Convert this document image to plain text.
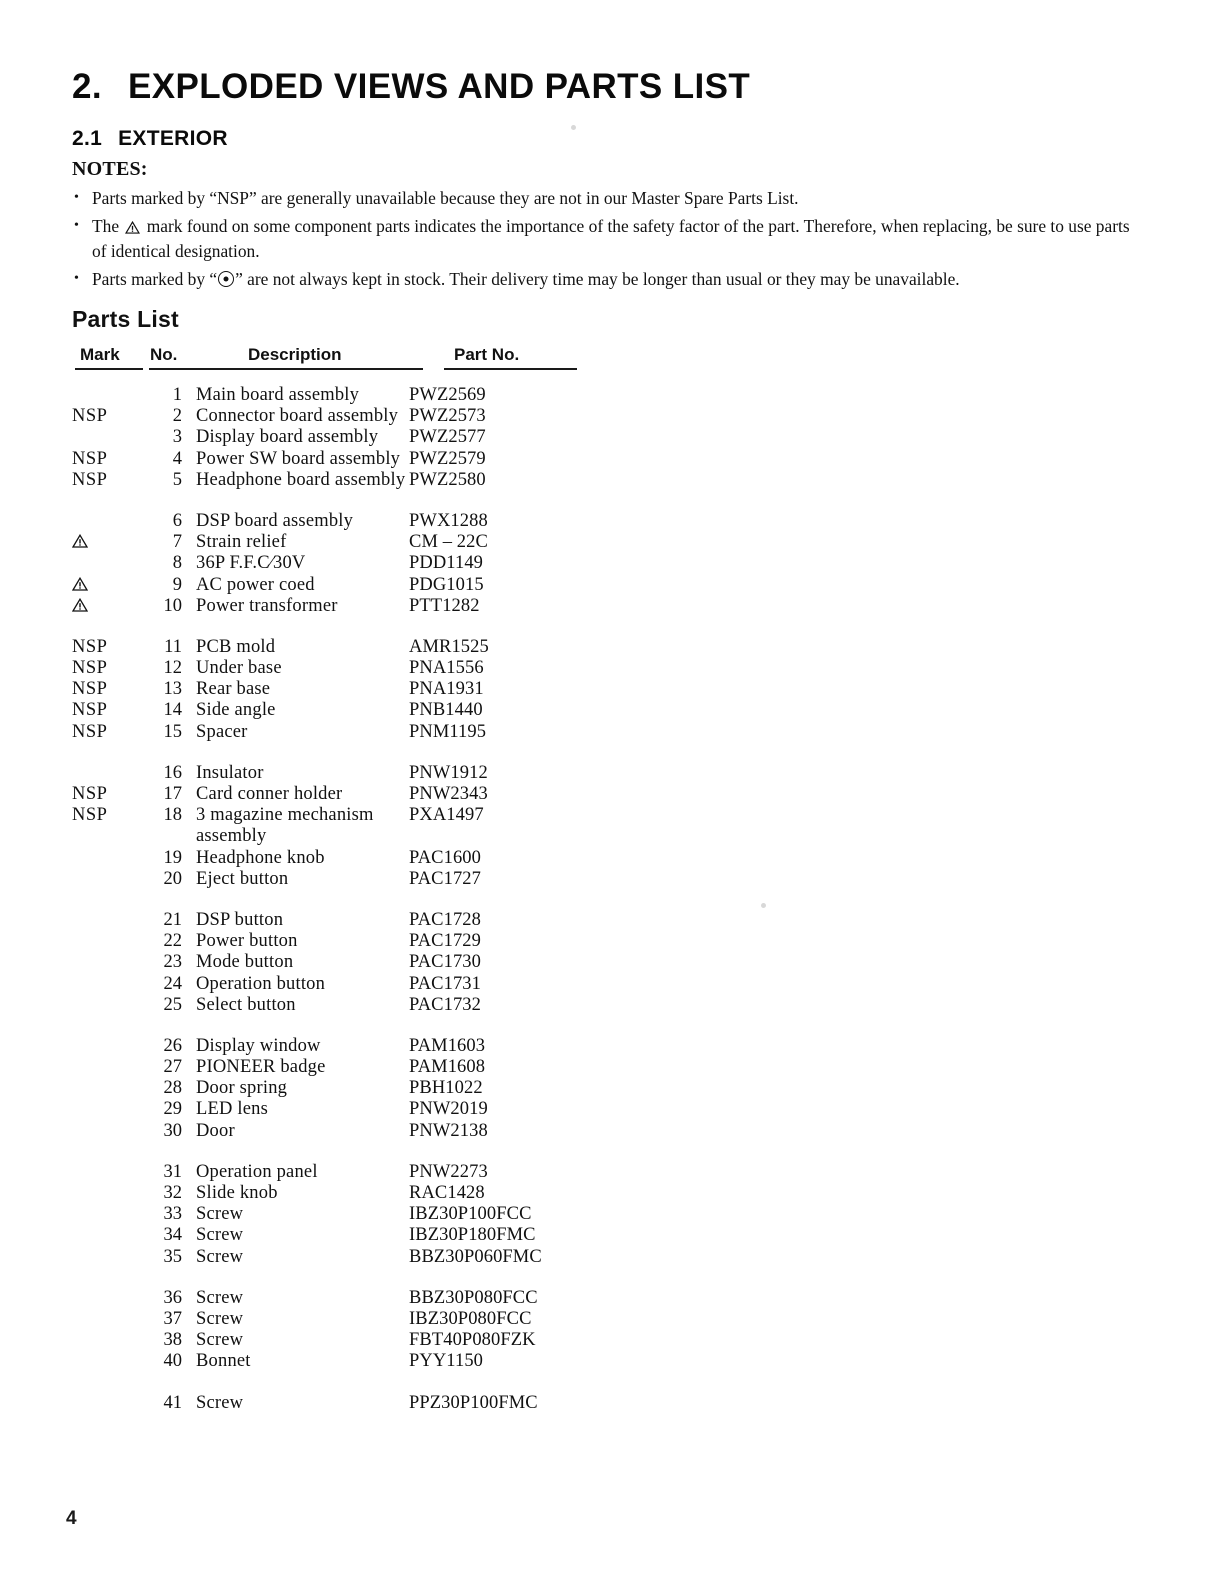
2. EXPLODED VIEWS AND PARTS LIST
2.1 EXTERIOR
NOTES:
• Parts marked by “NSP” are generally unavailable because they are not in our Master Spare Parts List.
• The
mark found on some component parts indicates the importance of the safety factor of the part. Therefore, when replacing, be sure to use parts of identical designation.
• Parts marked by “ ” are not always kept in stock. Their delivery time may be longer than usual or they may be unavailable.
Parts List
Mark No.	Description	Part No.
1 Main board assembly	PWZ2569
NSP	2 Connector board assembly PWZ2573
3 Display board assembly PWZ2577
NSP	4 Power SW board assembly PWZ2579
NSP	5 Headphone board assembly PWZ2580
6 DSP board assembly	PWX1288
7 Strain relief	CM – 22C
8 36P F.F.C⁄30V	PDD1149
9 AC power coed	PDG1015
10 Power transformer	PTT1282
NSP	11 PCB mold	AMR1525
NSP	12 Under base	PNA1556
NSP	13 Rear base	PNA1931
NSP	14 Side angle	PNB1440
NSP	15 Spacer	PNM1195
16 Insulator	PNW1912
NSP	17 Card conner holder	PNW2343
NSP	18 3 magazine mechanism PXA1497
assembly
19 Headphone knob	PAC1600
20 Eject button	PAC1727
21 DSP button	PAC1728
22 Power button	PAC1729
23 Mode button	PAC1730
24 Operation button	PAC1731
25 Select button	PAC1732
26 Display window	PAM1603
27 PIONEER badge	PAM1608
28 Door spring	PBH1022
29 LED lens	PNW2019
30 Door	PNW2138
31 Operation panel	PNW2273
32 Slide knob	RAC1428
33 Screw	IBZ30P100FCC
34 Screw	IBZ30P180FMC
35 Screw	BBZ30P060FMC
36 Screw	BBZ30P080FCC
37 Screw	IBZ30P080FCC
38 Screw	FBT40P080FZK
40 Bonnet	PYY1150
41 Screw	PPZ30P100FMC
4
